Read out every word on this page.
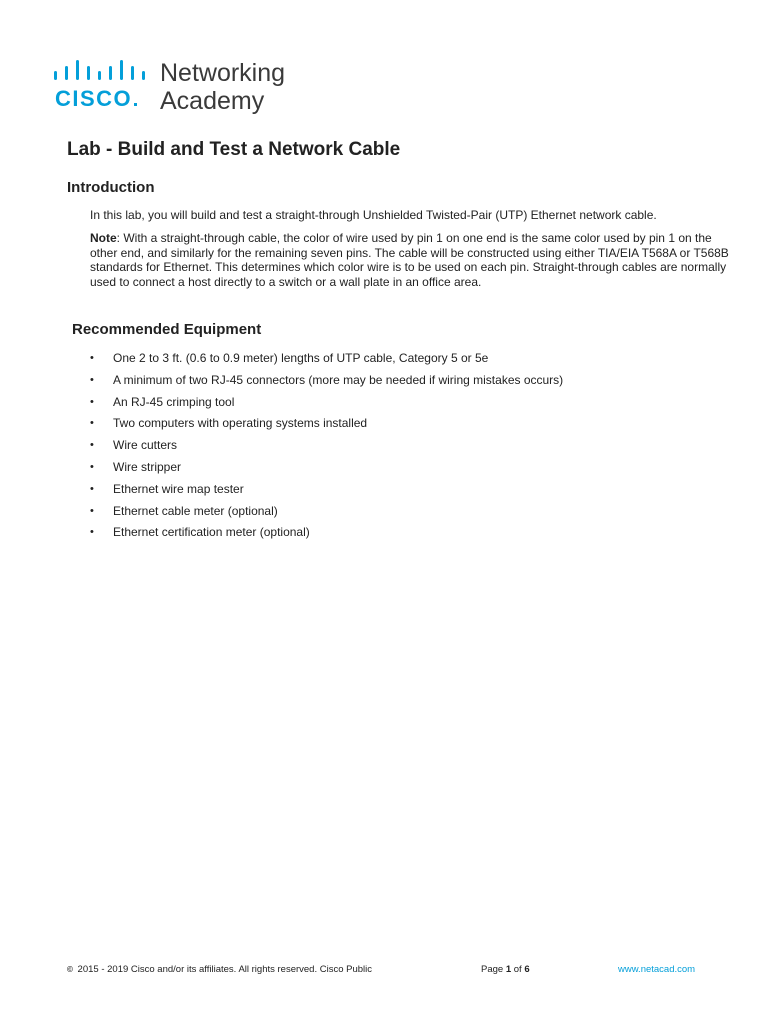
CISCO
Networking
Academy
Lab - Build and Test a Network Cable
Introduction

In this lab, you will build and test a straight-through Unshielded Twisted-Pair (UTP) Ethernet network cable.

Note: With a straight-through cable, the color of wire used by pin 1 on one end is the same color used by pin 1 on the other end, and similarly for the remaining seven pins. The cable will be constructed using either TIA/EIA T568A or T568B standards for Ethernet. This determines which color wire is to be used on each pin. Straight-through cables are normally used to connect a host directly to a switch or a wall plate in an office area.

Recommended Equipment
• One 2 to 3 ft. (0.6 to 0.9 meter) lengths of UTP cable, Category 5 or 5e
• A minimum of two RJ-45 connectors (more may be needed if wiring mistakes occurs)
• An RJ-45 crimping tool
• Two computers with operating systems installed
• Wire cutters
• Wire stripper
• Ethernet wire map tester
• Ethernet cable meter (optional)
• Ethernet certification meter (optional)
© 2015 - 2019 Cisco and/or its affiliates. All rights reserved. Cisco Public	Page 1 of 6	www.netacad.com
